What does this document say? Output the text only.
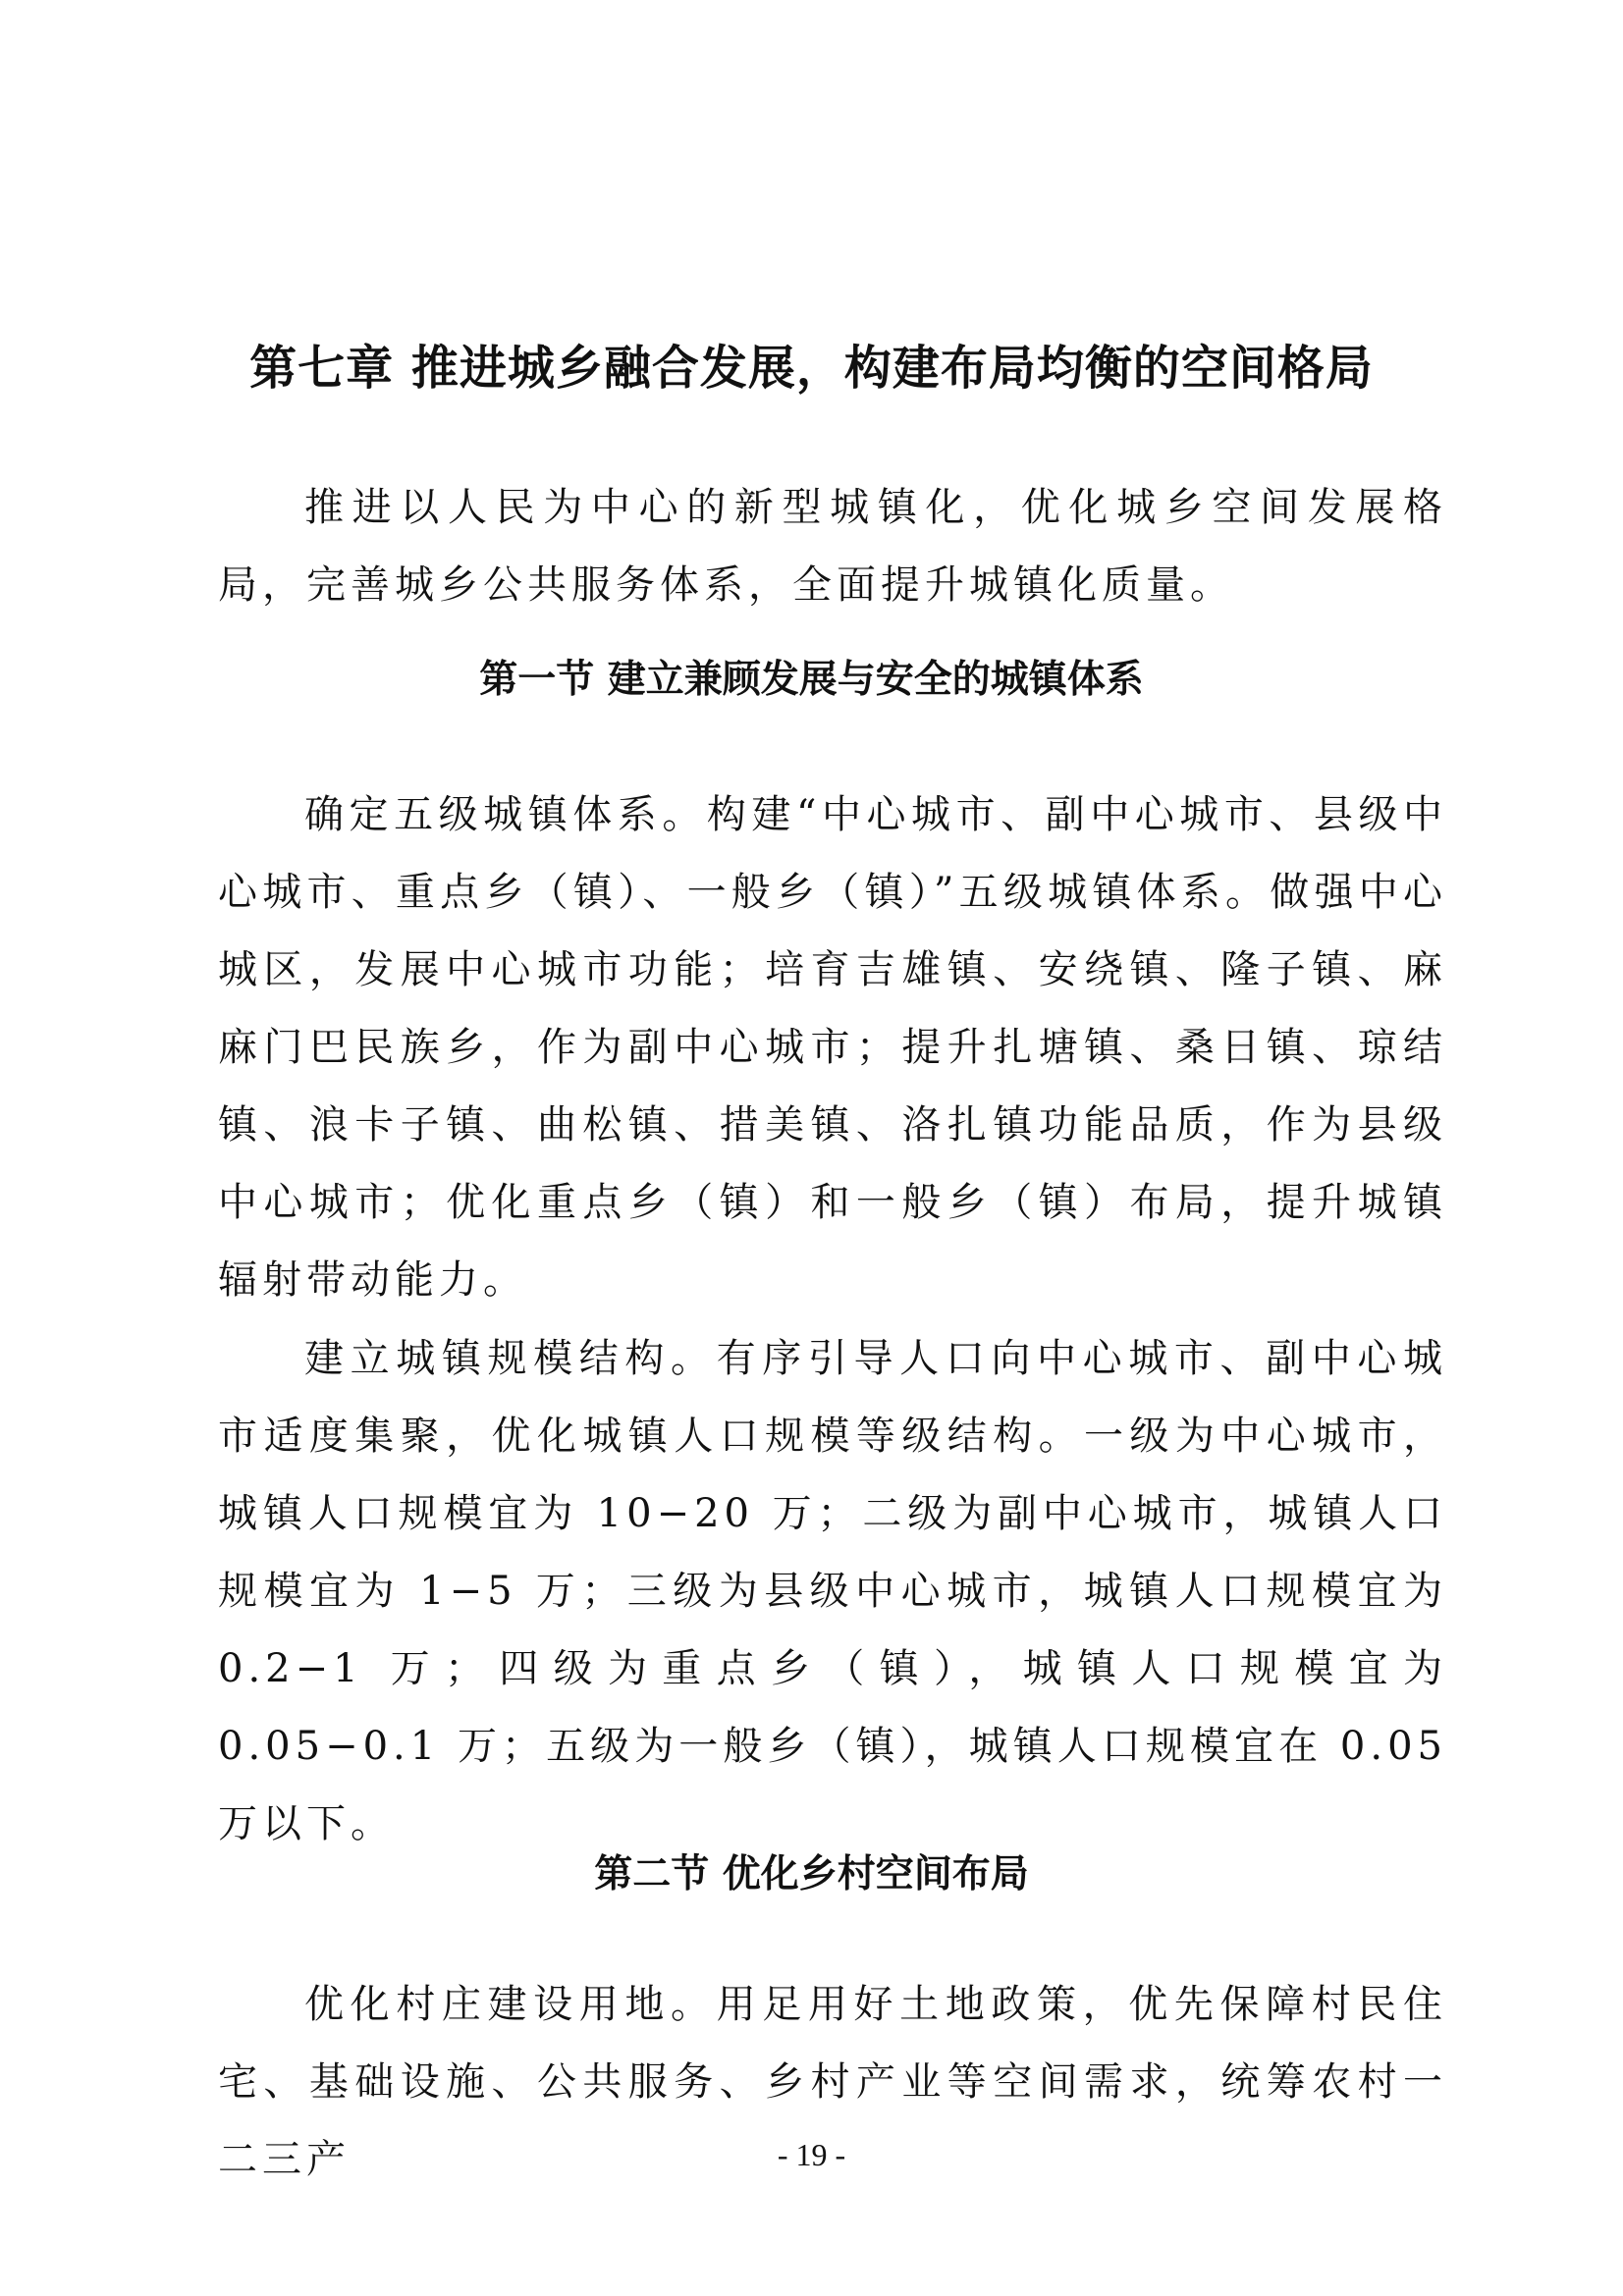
第七章 推进城乡融合发展，构建布局均衡的空间格局

推进以人民为中心的新型城镇化，优化城乡空间发展格局，完善城乡公共服务体系，全面提升城镇化质量。

第一节 建立兼顾发展与安全的城镇体系

确定五级城镇体系。构建“中心城市、副中心城市、县级中心城市、重点乡（镇）、一般乡（镇）”五级城镇体系。做强中心城区，发展中心城市功能；培育吉雄镇、安绕镇、隆子镇、麻麻门巴民族乡，作为副中心城市；提升扎塘镇、桑日镇、琼结镇、浪卡子镇、曲松镇、措美镇、洛扎镇功能品质，作为县级中心城市；优化重点乡（镇）和一般乡（镇）布局，提升城镇辐射带动能力。

建立城镇规模结构。有序引导人口向中心城市、副中心城市适度集聚，优化城镇人口规模等级结构。一级为中心城市，城镇人口规模宜为 10−20 万；二级为副中心城市，城镇人口规模宜为 1−5 万；三级为县级中心城市，城镇人口规模宜为 0.2−1 万；四级为重点乡（镇），城镇人口规模宜为 0.05−0.1 万；五级为一般乡（镇），城镇人口规模宜在 0.05 万以下。

第二节 优化乡村空间布局

优化村庄建设用地。用足用好土地政策，优先保障村民住宅、基础设施、公共服务、乡村产业等空间需求，统筹农村一二三产	- 19 -
